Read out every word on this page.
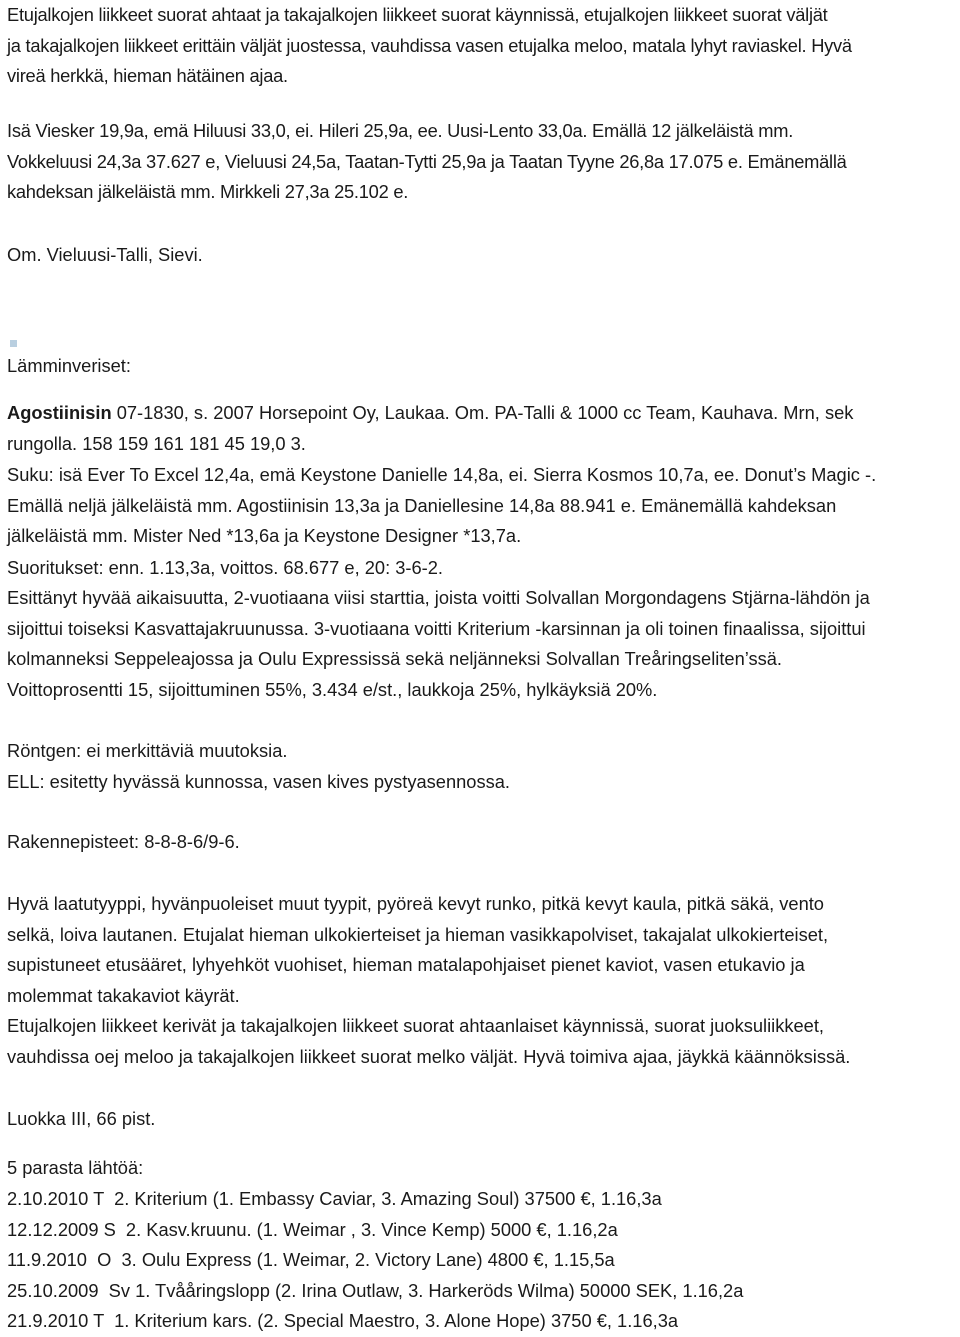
Etujalkojen liikkeet suorat ahtaat ja takajalkojen liikkeet suorat käynnissä, etujalkojen liikkeet suorat väljät
ja takajalkojen liikkeet erittäin väljät juostessa, vauhdissa vasen etujalka meloo, matala lyhyt raviaskel. Hyvä
vireä herkkä, hieman hätäinen ajaa.
Isä Viesker 19,9a, emä Hiluusi 33,0, ei. Hileri 25,9a, ee. Uusi-Lento 33,0a. Emällä 12 jälkeläistä mm.
Vokkeluusi 24,3a 37.627 e, Vieluusi 24,5a, Taatan-Tytti 25,9a ja Taatan Tyyne 26,8a 17.075 e. Emänemällä
kahdeksan jälkeläistä mm. Mirkkeli 27,3a 25.102 e.
Om. Vieluusi-Talli, Sievi.
Lämminveriset:
Agostiinisin 07-1830, s. 2007 Horsepoint Oy, Laukaa. Om. PA-Talli & 1000 cc Team, Kauhava. Mrn, sek
rungolla. 158 159 161 181 45 19,0 3.
Suku: isä Ever To Excel 12,4a, emä Keystone Danielle 14,8a, ei. Sierra Kosmos 10,7a, ee. Donut’s Magic -.
Emällä neljä jälkeläistä mm. Agostiinisin 13,3a ja Daniellesine 14,8a 88.941 e. Emänemällä kahdeksan
jälkeläistä mm. Mister Ned *13,6a ja Keystone Designer *13,7a.
Suoritukset: enn. 1.13,3a, voittos. 68.677 e, 20: 3-6-2.
Esittänyt hyvää aikaisuutta, 2-vuotiaana viisi starttia, joista voitti Solvallan Morgondagens Stjärna-lähdön ja
sijoittui toiseksi Kasvattajakruunussa. 3-vuotiaana voitti Kriterium -karsinnan ja oli toinen finaalissa, sijoittui
kolmanneksi Seppeleajossa ja Oulu Expressissä sekä neljänneksi Solvallan Treåringseliten’ssä.
Voittoprosentti 15, sijoittuminen 55%, 3.434 e/st., laukkoja 25%, hylkäyksiä 20%.
Röntgen: ei merkittäviä muutoksia.
ELL: esitetty hyvässä kunnossa, vasen kives pystyasennossa.
Rakennepisteet: 8-8-8-6/9-6.
Hyvä laatutyyppi, hyvänpuoleiset muut tyypit, pyöreä kevyt runko, pitkä kevyt kaula, pitkä säkä, vento
selkä, loiva lautanen. Etujalat hieman ulkokierteiset ja hieman vasikkapolviset, takajalat ulkokierteiset,
supistuneet etusääret, lyhyehköt vuohiset, hieman matalapohjaiset pienet kaviot, vasen etukavio ja
molemmat takakaviot käyrät.
Etujalkojen liikkeet kerivät ja takajalkojen liikkeet suorat ahtaanlaiset käynnissä, suorat juoksuliikkeet,
vauhdissa oej meloo ja takajalkojen liikkeet suorat melko väljät. Hyvä toimiva ajaa, jäykkä käännöksissä.
Luokka III, 66 pist.
5 parasta lähtöä:
2.10.2010 T  2. Kriterium (1. Embassy Caviar, 3. Amazing Soul) 37500 €, 1.16,3a
12.12.2009 S  2. Kasv.kruunu. (1. Weimar , 3. Vince Kemp) 5000 €, 1.16,2a
11.9.2010  O  3. Oulu Express (1. Weimar, 2. Victory Lane) 4800 €, 1.15,5a
25.10.2009  Sv 1. Tvååringslopp (2. Irina Outlaw, 3. Harkeröds Wilma) 50000 SEK, 1.16,2a
21.9.2010 T  1. Kriterium kars. (2. Special Maestro, 3. Alone Hope) 3750 €, 1.16,3a
